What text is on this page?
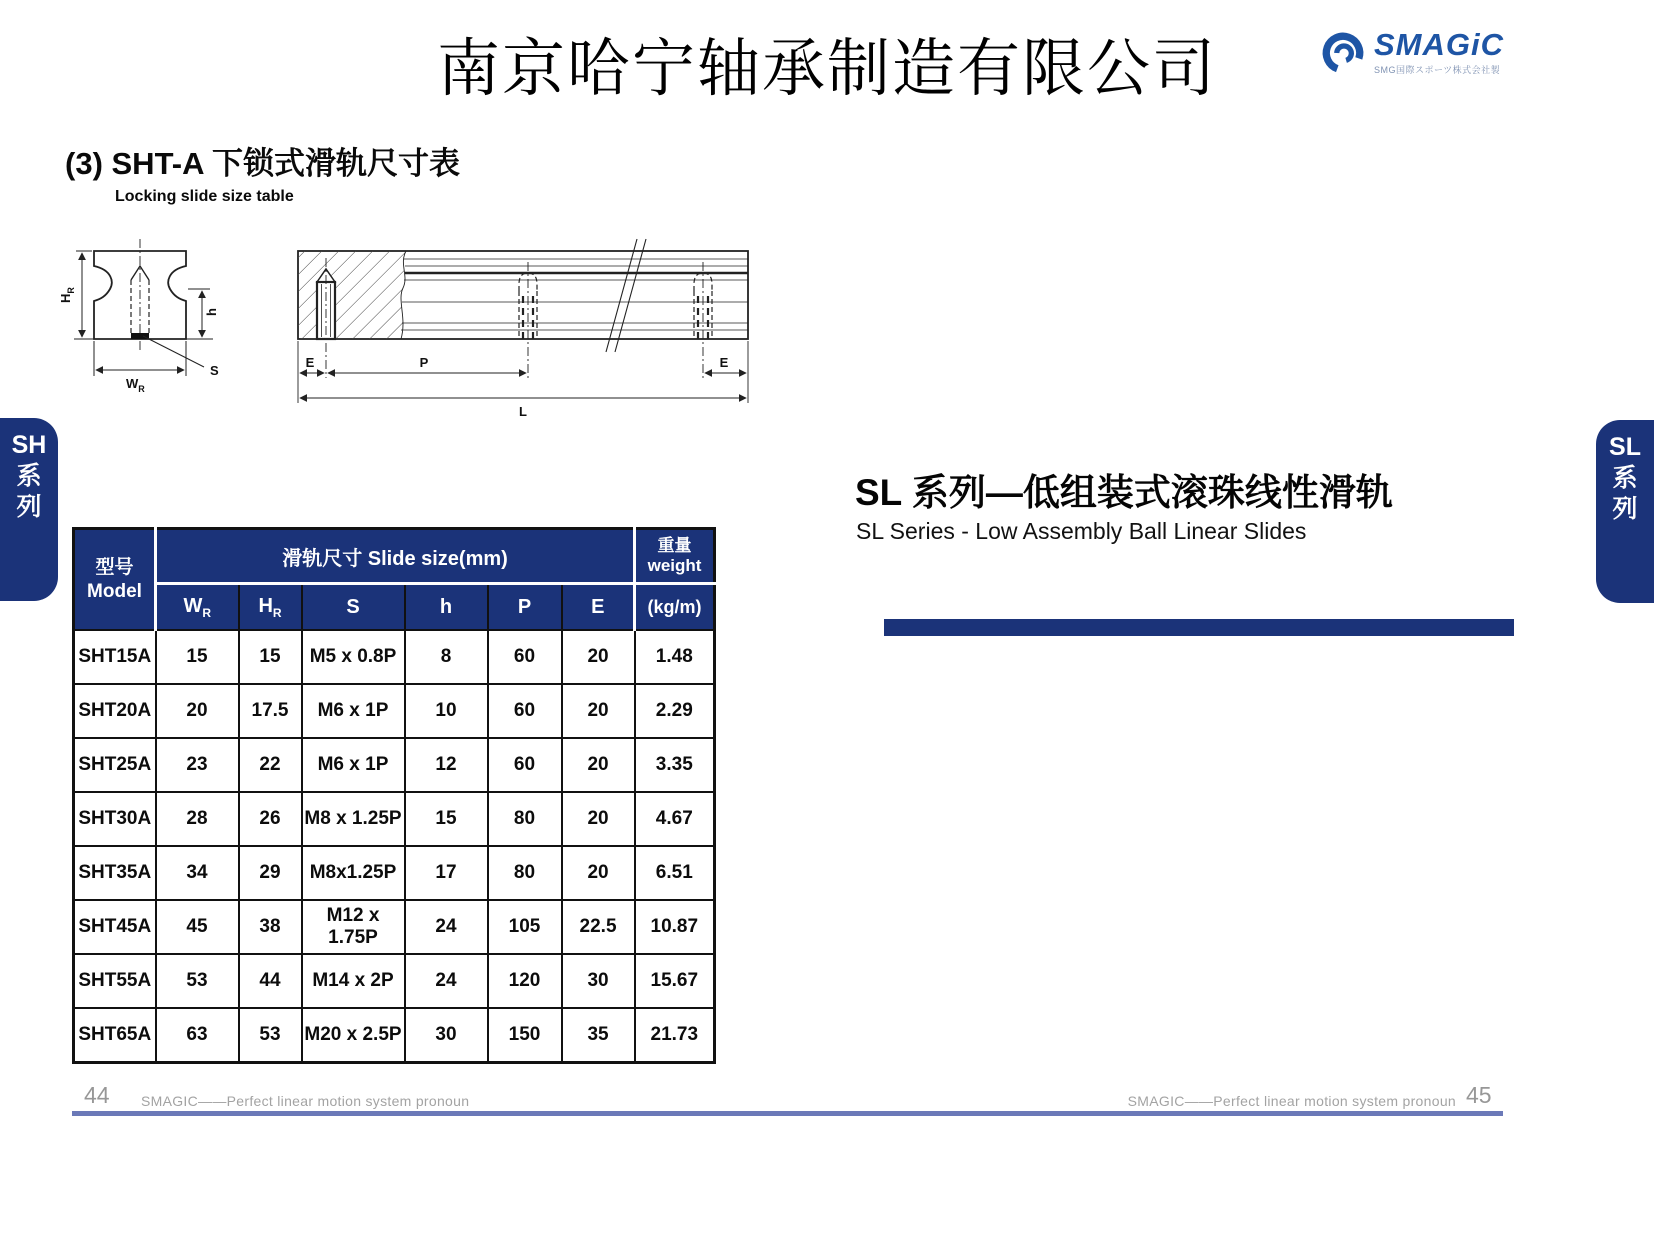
南京哈宁轴承制造有限公司	SMAGiC
SMG国際スポーツ株式会社製
(3) SHT-A 下锁式滑轨尺寸表
Locking slide size table
$H_R$
h
$W_R$
S
E	P	E
L
SH
系
列
SL
系
列
SL 系列—低组装式滚珠线性滑轨
SL Series - Low Assembly Ball Linear Slides
型号
Model	滑轨尺寸 Slide size(mm)						重量
weight
	$W_R$	$H_R$	S	h	P	E	(kg/m)
SHT15A	15	15	M5 x 0.8P	8	60	20	1.48
SHT20A	20	17.5	M6 x 1P	10	60	20	2.29
SHT25A	23	22	M6 x 1P	12	60	20	3.35
SHT30A	28	26	M8 x 1.25P	15	80	20	4.67
SHT35A	34	29	M8x1.25P	17	80	20	6.51
SHT45A	45	38	M12 x 1.75P	24	105	22.5	10.87
SHT55A	53	44	M14 x 2P	24	120	30	15.67
SHT65A	63	53	M20 x 2.5P	30	150	35	21.73
44 SMAGIC——Perfect linear motion system pronoun	SMAGIC——Perfect linear motion system pronoun 45
